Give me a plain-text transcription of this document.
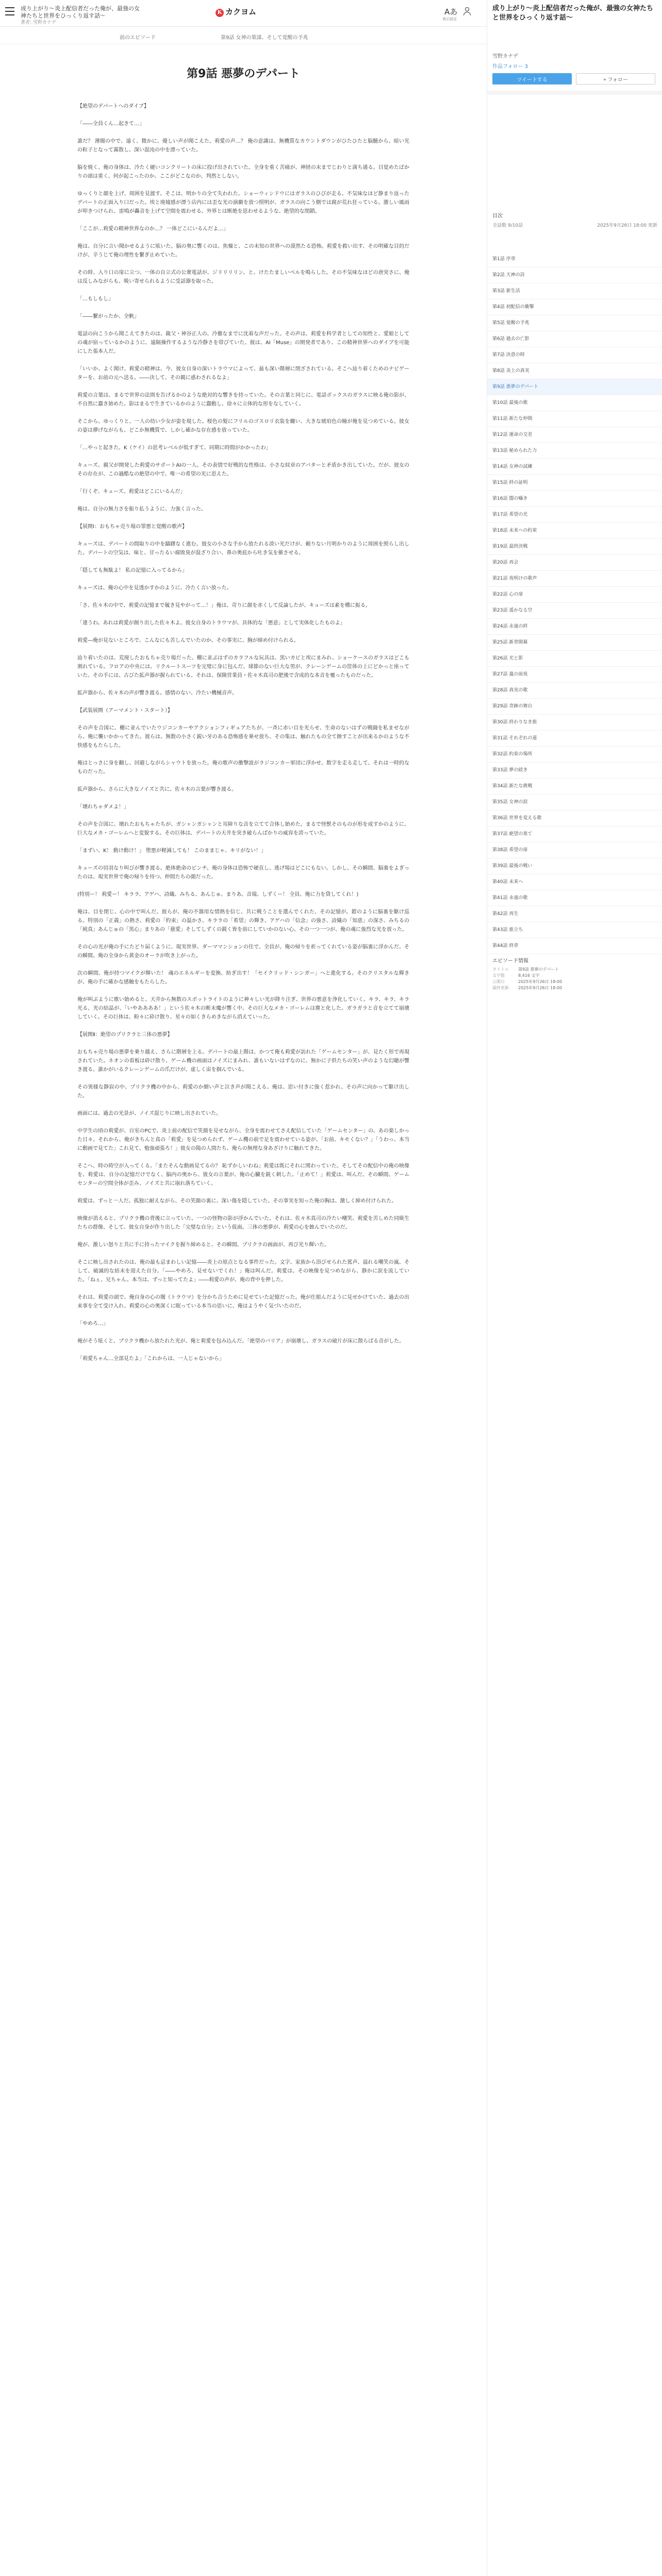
成り上がり〜炎上配信者だった俺が、最強の女神たちと世界をひっくり返す話〜
著者: 雪野カナデ
K カクヨム	Aあ
表示設定
前のエピソード	第9話 女神の策謀、そして覚醒の予兆
第9話 悪夢のデパート

【絶望のデパートへのダイブ】

「――全員くん…起きて…」

誰だ？ 薄闇の中で、遠く、微かに、優しい声が聞こえた。莉愛の声…？ 俺の意識は、無機質なカウントダウンがひたひたと脳髄から、暗い光の粒子となって霧散し、深い混沌の中を漂っていた。

脳を焼く、俺の身体は、冷たく硬いコンクリートの床に投げ出されていた。全身を重く苦痛が、神経の末までじわりと満ち通る。目覚めたばかりの頭は重く、何が起こったのか、ここがどこなのか、判然としない。

ゆっくりと顔を上げ、周囲を見渡す。そこは、明かりの全て失われた、ショーウィンドウにはガラスのひびが走る、不気味なほど静まり返ったデパートの正面入り口だった。埃と廃墟感が漂う店内には歪な光の演劇を放つ照明が、ガラスの向こう側では腐が荒れ狂っている。激しい風雨が叩きつけられ、雷鳴が轟音を上げて空間を震わせる。外界とは断絶を思わせるような、絶望的な閉鎖。

「ここが…莉愛の精神世界なのか…？ 一体どこにいるんだよ…」

俺は、自分に言い聞かせるように呟いた。脳の奥に響くのは、焦燥と、この未知の世界への漠然たる恐怖。莉愛を救い出す、その明確な目的だけが、辛うじて俺の理性を繋ぎ止めていた。

その時、入り口の扉に立つ、一体の自立式の公衆電話が、ジリリリリン、と、けたたましいベルを鳴らした。その不気味なほどの唐突さに、俺は反しみながらも、吸い寄せられるように受話器を取った。

「…もしもし」

「――繋がったか、全帆」

電話の向こうから聞こえてきたのは、親父・神谷正人の、冷徹なまでに沈着な声だった。その声は、莉愛を科学者としての知性と、愛娘としての魂が宿っているかのように、遠隔操作するような冷静さを帯びていた。彼は、AI「Muse」の開発者であり、この精神世界へのダイブを可能にした張本人だ。

「いいか、よく聞け。莉愛の精神は、今、彼女自身の深いトラウマによって、最も深い階層に閉ざされている。そこへ辿り着くためのナビゲーターを、お前の元へ送る。――決して、その親に惑わされるなよ」

莉愛の言葉は、まるで世界の法則を告げるかのような絶対的な響きを持っていた。その言葉と同じに、電話ボックスのガラスに映る俺の影が、不自然に蠢き始めた。影はまるで生きているかのように蠢動し、徐々に立体的な形をなしていく。

そこから、ゆっくりと、一人の幼い少女が姿を現した。桜色の髪にフリルのゴスロリ衣装を纏い、大きな琥珀色の瞳が俺を見つめている。彼女の姿は儚げながらも、どこか無機質で、しかし確かな存在感を放っていた。

「…やっと起きた。K（ケイ）の思考レベルが低すぎて、同期に時間がかかったわ」

キューズ。親父が開発した莉愛のサポートAIの一人。その表情で好戦的な性格は、小さな紋章のアバターと矛盾かき出していた。だが、彼女のその存在が、この過酷なの絶望の中で、唯一の希望の光に思えた。

「行くぞ、キューズ。莉愛はどこにいるんだ」

俺は、自分の無力さを振り払うように、力強く言った。

【展開Ⅰ：おもちゃ売り場の罪悪と覚醒の歌声】

キューズは、デパートの間取りの中を躊躇なく進む。彼女の小さな手から放たれる淡い光だけが、頼りない月明かりのように周囲を照らし出した。デパートの空気は、味と、甘ったるい腐敗臭が混ざり合い、鼻の奥底から吐き気を催させる。

「隠しても無駄よ！ 私の記憶に入ってるから」

キューズは、俺の心中を見透かすかのように、冷たく言い放った。

「さ、佐々木の中で、莉愛の記憶まで履き見やがって…！」俺は、苛りに顔を赤くして反論したが、キューズは素を構に振る。

「違うわ。あれは莉愛が創り出した佐々木よ。彼女自身のトラウマが、具体的な「悪意」として実体化したものよ」

莉愛―俺が見ないところで、こんなにも苦しんでいたのか。その事実に、胸が締め付けられる。

辿り着いたのは、荒廃したおもちゃ売り場だった。棚に並ぶはずのカラフルな玩具は、黒いカビと埃にまみれ、ショーケースのガラスはどこも割れている。フロアの中央には、リクルートスーツを完璧に身に包んだ、球節のない巨大な男が、クレーンゲームの筐体の上にどかっと座っていた。その手には、古びた拡声器が握られている。それは、保険営業員・佐々木真司の肥後で含成的な本音を覆ったものだった。

拡声器から、佐々木の声が響き渡る。感情のない、冷たい機械音声。

【武装展開（アーマメント・スタート）】

その声を合図に、棚に並んでいたウジコンカーやアクションフィギュアたちが、一斉に赤い目を光らせ、生命のないはずの戦闘を私ませながら、俺に襲いかかってきた。彼らは、無数の小さく鋭い牙のある恐怖感を乗せ放ち、その集は、触れたもの全て蝕すことが出来るかのような不快感をもたらした。

俺はとっさに身を翻し、回避しながらシャウトを放った。俺の歌声の衝撃波がラジコンカー軍団に浮かせ、数字を走る走して、それは一時的なものだった。

拡声器から、さらに大きなノイズと共に、佐々木の言葉が響き渡る。

「壊れちゃダメよ！」

その声を合図に、壊れたおもちゃたちが、ガシャンガシャンと耳障りな音を立てて合体し始めた。まるで怪獣そのものが形を成すかのように、巨大なメカ・ゴーレムへと変貌する。その巨体は、デパートの天井を突き破らんばかりの威容を誇っていた。

「まずい、K！ 動け動け！」 堕悪が軽減しても！ このままじゃ、キリがない！」

キューズの切羽なり叫びが響き渡る。絶体絶命のピンチ。俺の身体は恐怖で硬直し、逃げ場はどこにもない。しかし、その瞬間、脳裏をよぎったのは、現実世界で俺の帰りを待つ、仲間たちの顔だった。

(特別ー！ 莉愛ー！ キララ、アゲハ、詩織、みちる、あんじゅ、まりあ、音瑞、しずくー！ 全員、俺に力を貸してくれ！)

俺は、目を閉じ、心の中で叫んだ。彼らが、俺の不器用な情熱を信じ、共に戦うことを選んでくれた、その記憶が。鎧のように脳裏を駆け巡る。特別の「正義」の熱さ、莉愛の「約束」の温かさ、キララの「希望」の輝き、アゲハの「信念」の強さ、詩織の「知恵」の深さ、みちるの「純真」あんじゅの「黒心」まりあの「慈愛」そしてしずくの鋭く皆を前にしていかのない心。その一つ一つが、俺の魂に強烈な光を放った。

その心の光が俺の手にたどり届くように、現実世界、ダーママンションの住で、全員が、俺の帰りを祈ってくれている姿が脳裏に浮かんだ。その瞬間、俺の全身から黄金のオーラが吹き上がった。

次の瞬間、俺が持つマイクが輝いた！ 魂のエネルギーを変換、紡ぎ出す！「セイクリッド・シンガー」へと進化する。そのクリスタルな輝きが、俺の手に確かな感触をもたらした。

俺が叫ぶように歌い始めると、天井から無数のスポットライトのように神々しい光が降り注ぎ、世界の悪意を浄化していく。キラ、キラ、キラ光る、光の結晶が、「いやああああ！」という佐々木の断末魔が響く中、その巨大なメカ・ゴーレムは塵と化した。ガラガラと音を立てて崩壊していく。その巨体は、粉々に砕け散り、星々の如くきらめきながら消えていった。

【展開Ⅱ：絶望のプリクラと三体の悪夢】

おもちゃ売り場の悪夢を乗り越え、さらに階層を上る。デパートの最上階は、かつて俺も莉愛が訪れた「ゲームセンター」が、見たく形で再現されていた。ネオンの看板は砕け散り、ゲーム機の画面はノイズにまみれ、誰もいないはずなのに、無かに子供たちの笑い声のような幻聴が響き渡る。誰かがいるクレーンゲームの爪だけが、虚しく宙を掴んでいる。

その異様な静寂の中、プリクラ機の中から、莉愛のか細い声と泣き声が聞こえる。俺は、思い付きに強く惹かれ、その声に向かって駆け出した。

画面には、過去の光景が、ノイズ混じりに映し出されていた。

中学生の頃の莉愛が、自室のPCで、炎上前の配信で笑顔を見せながら、全身を震わせてさえ配信していた「ゲームセンター」の、あの楽しかった日々。それから、俺がきちんと真の「莉愛」を見つめられず、ゲーム機の前で足を震わせている姿が、「お前、キモくない？」「うわっ、本当に動画で見てた」これ見て、勉強頑張ろ！」彼女の陽の人間たち、俺らの無理な身あざけりに触れてきた。

そこへ、時の時空が入ってくる。「またそんな動画見てるの？ 恥ずかしいわね」莉愛は既にそれに関わっていた。そしてその配信中の俺の映像を、莉愛は、自分の記憶だけでなく、脳内の奥から、彼女の言葉が、俺の心臓を鋭く刺した。「止めて！」莉愛は、叫んだ。その瞬間、ゲームセンターの空間全体が歪み、ノイズと共に崩れ落ちていく。

莉愛は、ずっと一人だ。孤独に耐えながら、その笑顔の裏に、深い傷を隠していた。その事実を知った俺の胸は、激しく締め付けられた。

映像が消えると、プリクラ機の背後に立っていた、一つの怪物の影が浮かんでいた。それは、佐々木真司の冷たい嘲笑、莉愛を苦しめた同級生たちの群像、そして、彼女自身が作り出した「完璧な自分」という仮面。三体の悪夢が、莉愛の心を蝕んでいたのだ。

俺が、激しい怒りと共に手に持ったマイクを握り締めると、その瞬間、プリクラの画面が、再び光り輝いた。

そこに映し出されたのは、俺の最も忌まわしい記憶――炎上の原点となる事件だった。文字、家族から浴びせられた罵声、溢れる嘲笑の嵐、そして、破滅的な結末を迎えた自分。「――やめろ、見せないでくれ！」俺は叫んだ。莉愛は、その映像を見つめながら、静かに涙を流していた。「ねぇ、兄ちゃん。本当は、ずっと知ってたよ」――莉愛の声が、俺の背中を押した。

それは、莉愛の頭で、俺自身の心の闇（トラウマ）を分かち合うために見せていた記憶だった。俺が仕組んだように見せかけていた、過去の出来事を全て受け入れ、莉愛の心の奥深くに眠っている本当の思いに、俺はようやく気づいたのだ。

「やめろ…」

俺がそう呟くと、プリクラ機から放たれた光が、俺と莉愛を包み込んだ。「絶望のバリア」が崩壊し、ガラスの破片が床に散らばる音がした。

「莉愛ちゃん…全部見たよ」「これからは、一人じゃないから」

成り上がり〜炎上配信者だった俺が、最強の女神たちと世界をひっくり返す話〜
雪野カナデ
作品フォロー 3
ツイートする	+ フォロー
目次
全話数 9/10話	2025年9月26日 18:00 更新
第1話 序章
第2話 天神の詩
第3話 新生活
第4話 初配信の衝撃
第5話 覚醒の予兆
第6話 過去の亡影
第7話 決意の時
第8話 炎上の真実
第9話 悪夢のデパート
第10話 最後の歌
第11話 新たな仲間
第12話 運命の交差
第13話 秘められた力
第14話 女神の試練
第15話 絆の証明
第16話 闇の囁き
第17話 希望の光
第18話 未来への約束
第19話 最終決戦
第20話 再会
第21話 夜明けの歌声
第22話 心の扉
第23話 遥かなる空
第24話 永遠の絆
第25話 新章開幕
第26話 光と影
第27話 嵐の前夜
第28話 真実の歌
第29話 奇跡の舞台
第30話 終わりなき旅
第31話 それぞれの道
第32話 約束の場所
第33話 夢の続き
第34話 新たな挑戦
第35話 女神の涙
第36話 世界を変える歌
第37話 絶望の果て
第38話 希望の扉
第39話 最後の戦い
第40話 未来へ
第41話 永遠の歌
第42話 再生
第43話 旅立ち
第44話 終章
エピソード情報
タイトル	第9話 悪夢のデパート
文字数	8,416 文字
公開日	2025年9月26日 18:00
最終更新	2025年9月26日 18:00
